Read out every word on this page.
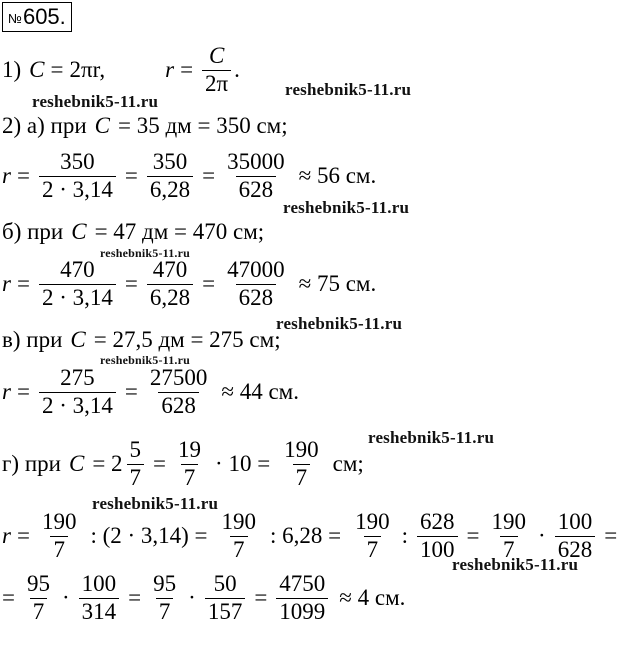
№ 605.
1) C = 2πr,	$r = \frac{C}{2\pi}$ .
2) а) при C = 35 дм = 350 см;
$r = \frac{350}{2 \cdot 3,14} = \frac{350}{6,28} = \frac{35000}{628} \approx 56$ см.
б) при C = 47 дм = 470 см;
$r = \frac{470}{2 \cdot 3,14} = \frac{470}{6,28} = \frac{47000}{628} \approx 75$ см.
в) при C = 27,5 дм = 275 см;
$r = \frac{275}{2 \cdot 3,14} = \frac{27500}{628} \approx 44$ см.
г) при $C = 2 \frac{5}{7} = \frac{19}{7} \cdot 10 = \frac{190}{7}$ см;
$r = \frac{190}{7}$ : $(2 \cdot 3,14) = \frac{190}{7}$ : $6,28 = \frac{190}{7}$ : $\frac{628}{100} = \frac{190}{7} \cdot \frac{100}{628}$ =
= $\frac{95}{7} \cdot \frac{100}{314} = \frac{95}{7} \cdot \frac{50}{157} = \frac{4750}{1099} \approx 4$ см.
reshebnik5-11.ru
reshebnik5-11.ru
reshebnik5-11.ru
reshebnik5-11.ru
reshebnik5-11.ru
reshebnik5-11.ru
reshebnik5-11.ru
reshebnik5-11.ru
reshebnik5-11.ru
